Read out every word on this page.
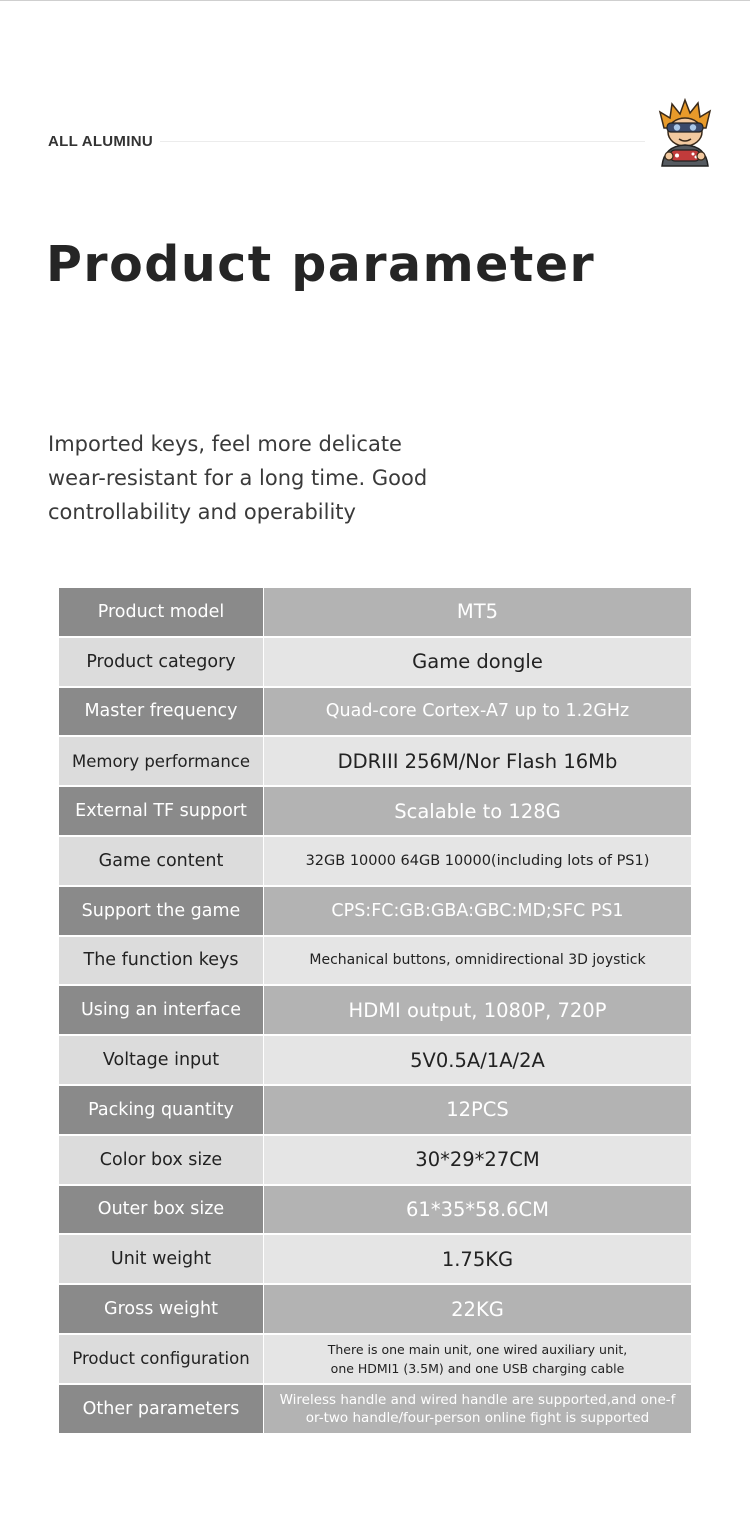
ALL ALUMINU
Product parameter
Imported keys, feel more delicate
wear-resistant for a long time. Good
controllability and operability
Product model	MT5
Product category	Game dongle
Master frequency	Quad-core Cortex-A7 up to 1.2GHz
Memory performance	DDRIII 256M/Nor Flash 16Mb
External TF support	Scalable to 128G
Game content	32GB 10000 64GB 10000(including lots of PS1)
Support the game	CPS:FC:GB:GBA:GBC:MD;SFC PS1
The function keys	Mechanical buttons, omnidirectional 3D joystick
Using an interface	HDMI output, 1080P, 720P
Voltage input	5V0.5A/1A/2A
Packing quantity	12PCS
Color box size	30*29*27CM
Outer box size	61*35*58.6CM
Unit weight	1.75KG
Gross weight	22KG
Product configuration	There is one main unit, one wired auxiliary unit,
one HDMI1 (3.5M) and one USB charging cable
Other parameters	Wireless handle and wired handle are supported,and one-f
or-two handle/four-person online fight is supported
